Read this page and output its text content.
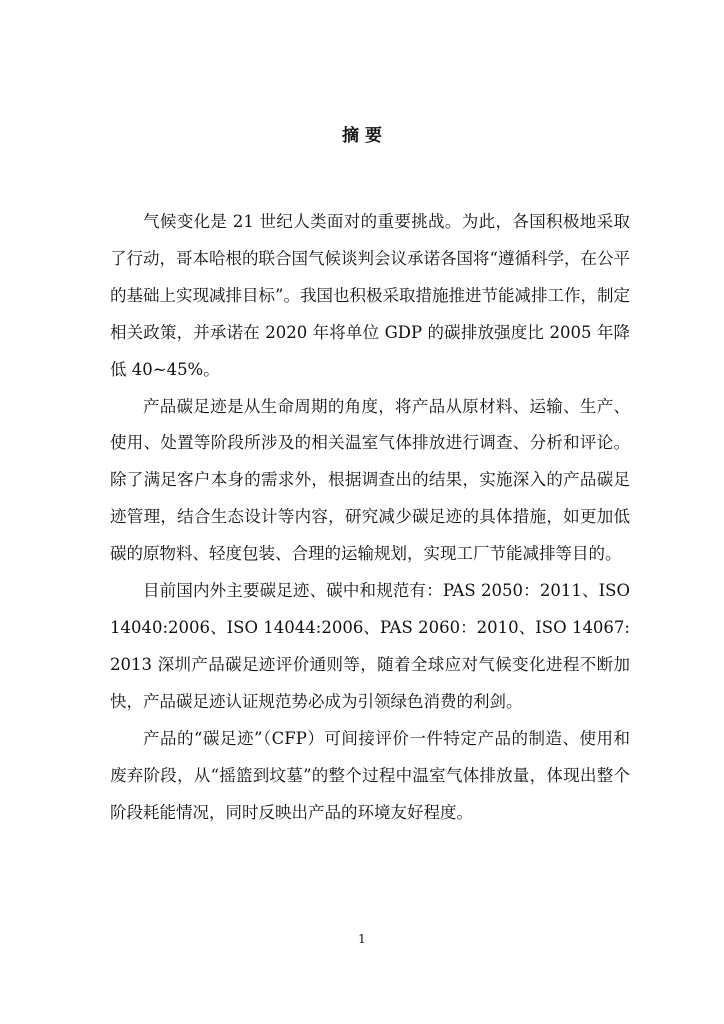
摘 要

气候变化是 21 世纪人类面对的重要挑战。为此，各国积极地采取了行动，哥本哈根的联合国气候谈判会议承诺各国将“遵循科学，在公平的基础上实现减排目标”。我国也积极采取措施推进节能减排工作，制定相关政策，并承诺在 2020 年将单位 GDP 的碳排放强度比 2005 年降低 40~45%。

产品碳足迹是从生命周期的角度，将产品从原材料、运输、生产、使用、处置等阶段所涉及的相关温室气体排放进行调查、分析和评论。除了满足客户本身的需求外，根据调查出的结果，实施深入的产品碳足迹管理，结合生态设计等内容，研究减少碳足迹的具体措施，如更加低碳的原物料、轻度包装、合理的运输规划，实现工厂节能减排等目的。

目前国内外主要碳足迹、碳中和规范有：PAS 2050：2011、ISO 14040:2006、ISO 14044:2006、PAS 2060：2010、ISO 14067:2013 深圳产品碳足迹评价通则等，随着全球应对气候变化进程不断加快，产品碳足迹认证规范势必成为引领绿色消费的利剑。

产品的“碳足迹”（CFP）可间接评价一件特定产品的制造、使用和废弃阶段，从“摇篮到坟墓”的整个过程中温室气体排放量，体现出整个阶段耗能情况，同时反映出产品的环境友好程度。

1
